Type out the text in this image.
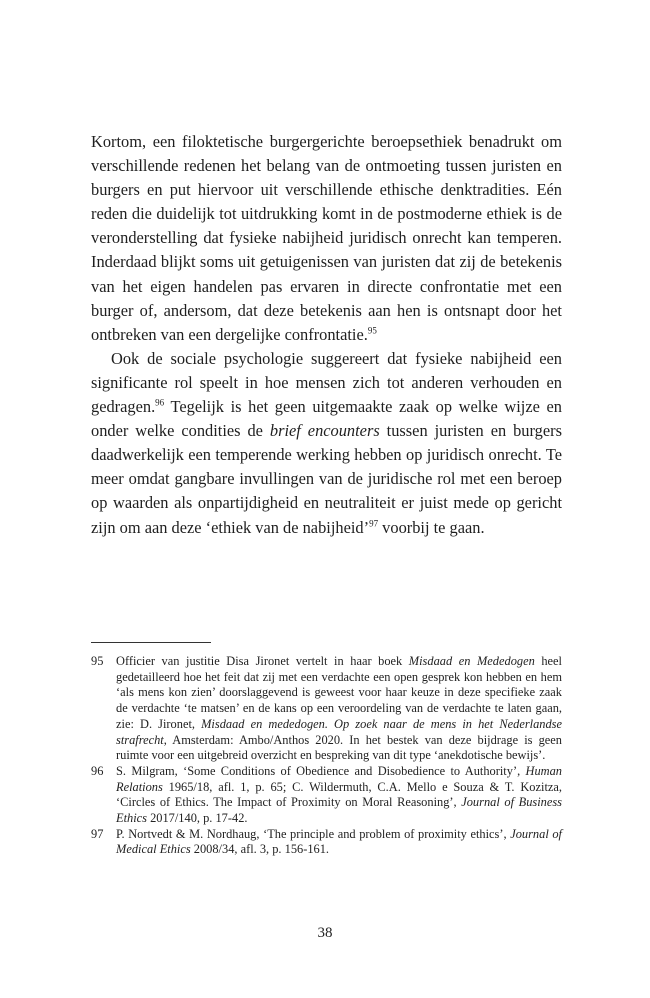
Kortom, een filoktetische burgergerichte beroepsethiek benadrukt om verschillende redenen het belang van de ontmoeting tussen juristen en burgers en put hiervoor uit verschillende ethische denktradities. Eén reden die duidelijk tot uitdrukking komt in de postmoderne ethiek is de veronderstelling dat fysieke nabijheid juridisch onrecht kan temperen. Inderdaad blijkt soms uit getuigenissen van juristen dat zij de betekenis van het eigen handelen pas ervaren in directe confrontatie met een burger of, andersom, dat deze betekenis aan hen is ontsnapt door het ontbreken van een dergelijke confrontatie.$^{95}$

Ook de sociale psychologie suggereert dat fysieke nabijheid een significante rol speelt in hoe mensen zich tot anderen verhouden en gedragen.$^{96}$ Tegelijk is het geen uitgemaakte zaak op welke wijze en onder welke condities de brief encounters tussen juristen en burgers daadwerkelijk een temperende werking hebben op juridisch onrecht. Te meer omdat gangbare invullingen van de juridische rol met een beroep op waarden als onpartijdigheid en neutraliteit er juist mede op gericht zijn om aan deze ‘ethiek van de nabijheid’$^{97}$ voorbij te gaan.

95	Officier van justitie Disa Jironet vertelt in haar boek Misdaad en Mededogen heel gedetailleerd hoe het feit dat zij met een verdachte een open gesprek kon hebben en hem ‘als mens kon zien’ doorslaggevend is geweest voor haar keuze in deze specifieke zaak de verdachte ‘te matsen’ en de kans op een veroordeling van de verdachte te laten gaan, zie: D. Jironet, Misdaad en mededogen. Op zoek naar de mens in het Nederlandse strafrecht, Amsterdam: Ambo/Anthos 2020. In het bestek van deze bijdrage is geen ruimte voor een uitgebreid overzicht en bespreking van dit type ‘anekdotische bewijs’.
96	S. Milgram, ‘Some Conditions of Obedience and Disobedience to Authority’, Human Relations 1965/18, afl. 1, p. 65; C. Wildermuth, C.A. Mello e Souza & T. Kozitza, ‘Circles of Ethics. The Impact of Proximity on Moral Reasoning’, Journal of Business Ethics 2017/140, p. 17-42.
97	P. Nortvedt & M. Nordhaug, ‘The principle and problem of proximity ethics’, Journal of Medical Ethics 2008/34, afl. 3, p. 156-161.
38
